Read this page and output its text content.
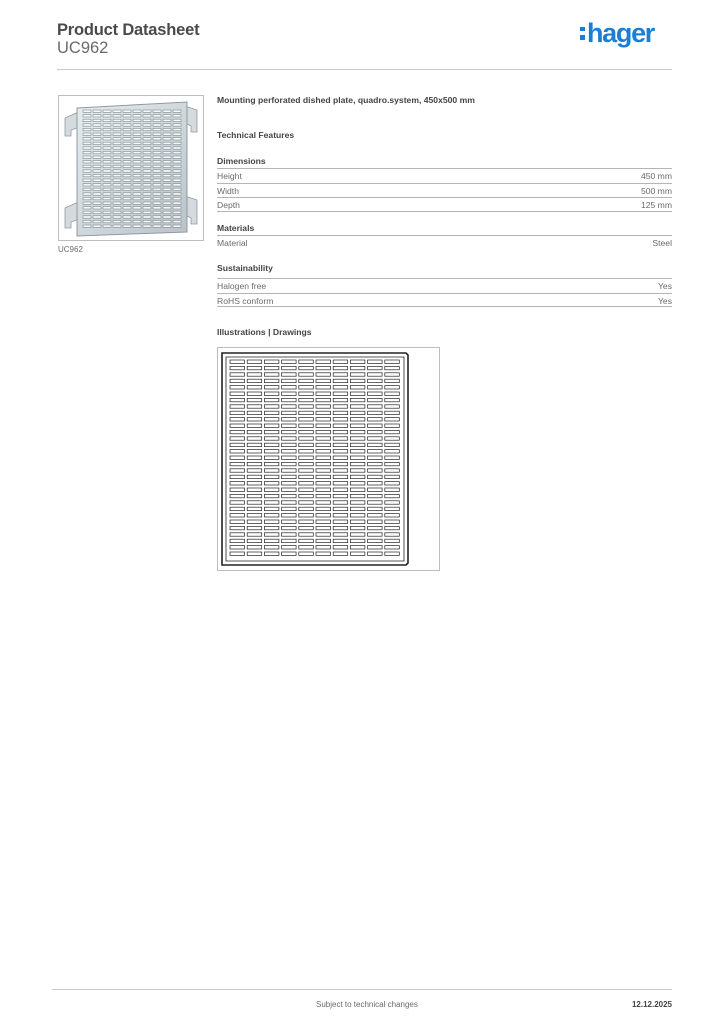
Product Datasheet
UC962	hager
UC962
Mounting perforated dished plate, quadro.system, 450x500 mm
Technical Features
Dimensions
Height	450 mm
Width	500 mm
Depth	125 mm
Materials
Material	Steel
Sustainability
Halogen free	Yes
RoHS conform	Yes
Illustrations | Drawings
Subject to technical changes	12.12.2025
